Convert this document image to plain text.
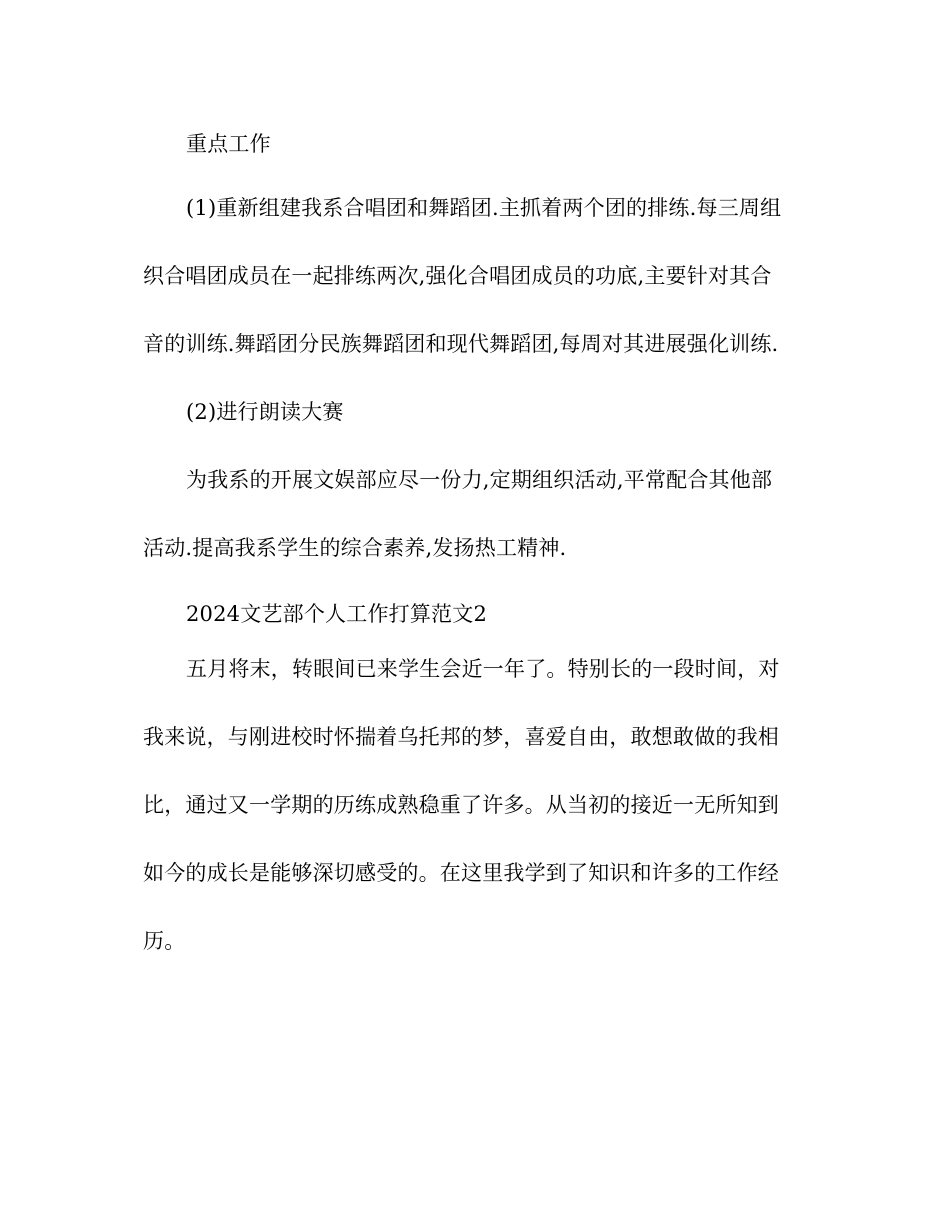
重点工作
(1)重新组建我系合唱团和舞蹈团.主抓着两个团的排练.每三周组
织合唱团成员在一起排练两次,强化合唱团成员的功底,主要针对其合
音的训练.舞蹈团分民族舞蹈团和现代舞蹈团,每周对其进展强化训练.
(2)进行朗读大赛
为我系的开展文娱部应尽一份力,定期组织活动,平常配合其他部
活动.提高我系学生的综合素养,发扬热工精神.
2024文艺部个人工作打算范文2
五月将末，转眼间已来学生会近一年了。特别长的一段时间，对
我来说，与刚进校时怀揣着乌托邦的梦，喜爱自由，敢想敢做的我相
比，通过又一学期的历练成熟稳重了许多。从当初的接近一无所知到
如今的成长是能够深切感受的。在这里我学到了知识和许多的工作经
历。
